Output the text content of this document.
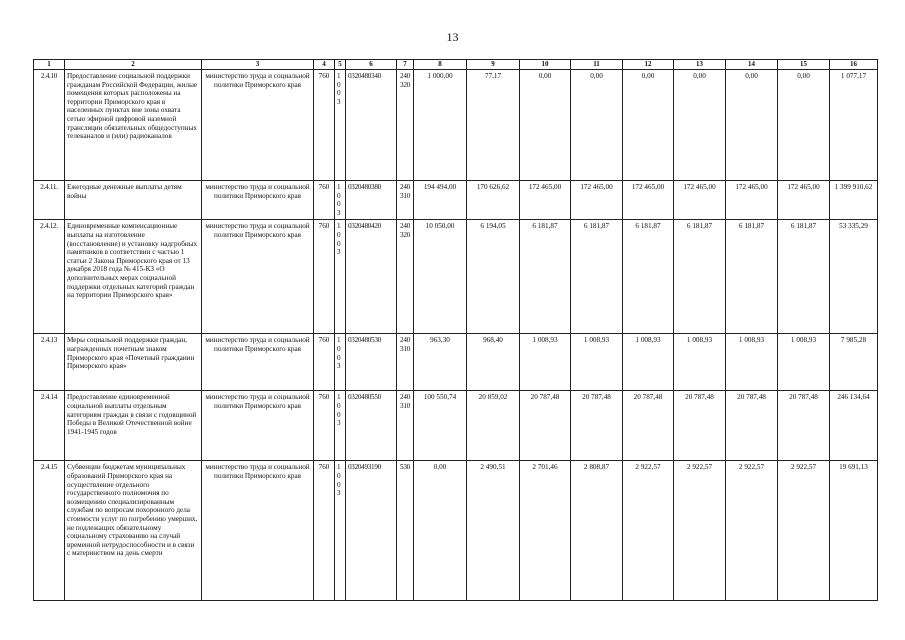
13
1	2	3	4	5	6	7	8	9	10	11	12	13	14	15	16
2.4.10	Предоставление социальной поддержки гражданам Российской Федерации, жилые помещения которых расположены на территории Приморского края в населенных пунктах вне зоны охвата сетью эфирной цифровой наземной трансляции обязательных общедоступных телеканалов и (или) радиоканалов	министерство труда и социальной политики Приморского края	760	1003	0320480340	240 320	1 000,00	77,17	0,00	0,00	0,00	0,00	0,00	0,00	1 077,17
2.4.11.	Ежегодные денежные выплаты детям войны	министерство труда и социальной политики Приморского края	760	1003	0320480380	240 310	194 494,00	170 626,62	172 465,00	172 465,00	172 465,00	172 465,00	172 465,00	172 465,00	1 399 910,62
2.4.12.	Единовременные компенсационные выплаты на изготовление (восстановление) и установку надгробных памятников в соответствии с частью 1 статьи 2 Закона Приморского края от 13 декабря 2018 года № 415-КЗ «О дополнительных мерах социальной поддержки отдельных категорий граждан на территории Приморского края»	министерство труда и социальной политики Приморского края	760	1003	0320480420	240 320	10 050,00	6 194,05	6 181,87	6 181,87	6 181,87	6 181,87	6 181,87	6 181,87	53 335,29
2.4.13	Меры социальной поддержки граждан, награжденных почетным знаком Приморского края «Почетный гражданин Приморского края»	министерство труда и социальной политики Приморского края	760	1003	0320480530	240 310	963,30	968,40	1 008,93	1 008,93	1 008,93	1 008,93	1 008,93	1 008,93	7 985,28
2.4.14	Предоставление единовременной социальной выплаты отдельным категориям граждан в связи с годовщиной Победы в Великой Отечественной войне 1941-1945 годов	министерство труда и социальной политики Приморского края	760	1003	0320480550	240 310	100 550,74	20 859,02	20 787,48	20 787,48	20 787,48	20 787,48	20 787,48	20 787,48	246 134,64
2.4.15	Субвенции бюджетам муниципальных образований Приморского края на осуществление отдельного государственного полномочия по возмещению специализированным службам по вопросам похоронного дела стоимости услуг по погребению умерших, не подлежащих обязательному социальному страхованию на случай временной нетрудоспособности и в связи с материнством на день смерти	министерство труда и социальной политики Приморского края	760	1003	0320493190	530	0,00	2 490,51	2 701,46	2 808,87	2 922,57	2 922,57	2 922,57	2 922,57	19 691,13
